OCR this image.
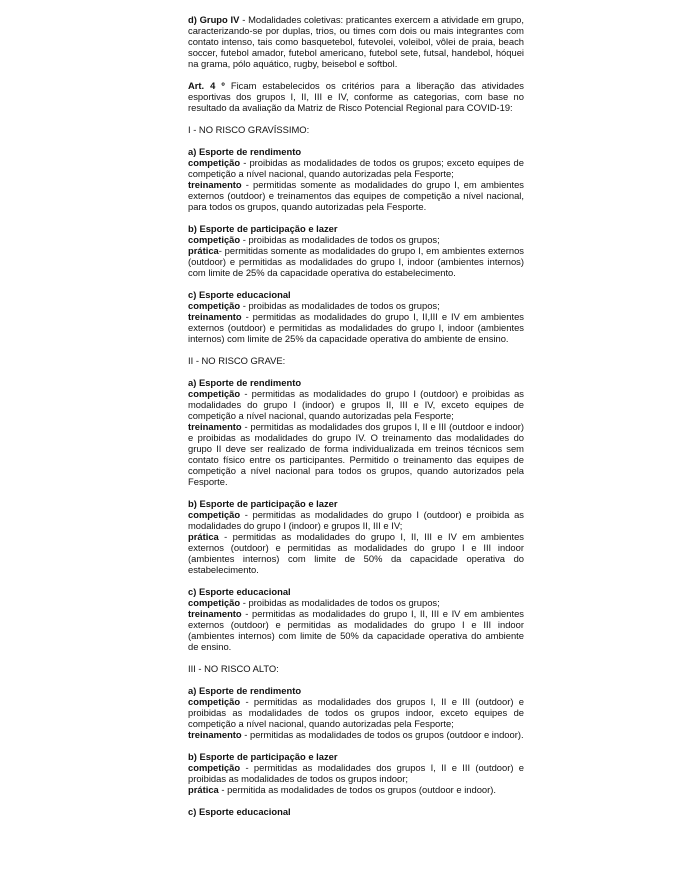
d) Grupo IV - Modalidades coletivas: praticantes exercem a atividade em grupo, caracterizando-se por duplas, trios, ou times com dois ou mais integrantes com contato intenso, tais como basquetebol, futevolei, voleibol, vôlei de praia, beach soccer, futebol amador, futebol americano, futebol sete, futsal, handebol, hóquei na grama, pólo aquático, rugby, beisebol e softbol.

Art. 4 º Ficam estabelecidos os critérios para a liberação das atividades esportivas dos grupos I, II, III e IV, conforme as categorias, com base no resultado da avaliação da Matriz de Risco Potencial Regional para COVID-19:

I - NO RISCO GRAVÍSSIMO:

a) Esporte de rendimento

competição - proibidas as modalidades de todos os grupos; exceto equipes de competição a nível nacional, quando autorizadas pela Fesporte;

treinamento - permitidas somente as modalidades do grupo I, em ambientes externos (outdoor) e treinamentos das equipes de competição a nível nacional, para todos os grupos, quando autorizadas pela Fesporte.

b) Esporte de participação e lazer

competição - proibidas as modalidades de todos os grupos;

prática- permitidas somente as modalidades do grupo I, em ambientes externos (outdoor) e permitidas as modalidades do grupo I, indoor (ambientes internos) com limite de 25% da capacidade operativa do estabelecimento.

c) Esporte educacional

competição - proibidas as modalidades de todos os grupos;

treinamento - permitidas as modalidades do grupo I, II,III e IV em ambientes externos (outdoor) e permitidas as modalidades do grupo I, indoor (ambientes internos) com limite de 25% da capacidade operativa do ambiente de ensino.

II - NO RISCO GRAVE:

a) Esporte de rendimento

competição - permitidas as modalidades do grupo I (outdoor) e proibidas as modalidades do grupo I (indoor) e grupos II, III e IV, exceto equipes de competição a nível nacional, quando autorizadas pela Fesporte;

treinamento - permitidas as modalidades dos grupos I, II e III (outdoor e indoor) e proibidas as modalidades do grupo IV. O treinamento das modalidades do grupo II deve ser realizado de forma individualizada em treinos técnicos sem contato físico entre os participantes. Permitido o treinamento das equipes de competição a nível nacional para todos os grupos, quando autorizados pela Fesporte.

b) Esporte de participação e lazer

competição - permitidas as modalidades do grupo I (outdoor) e proibida as modalidades do grupo I (indoor) e grupos II, III e IV;

prática - permitidas as modalidades do grupo I, II, III e IV em ambientes externos (outdoor) e permitidas as modalidades do grupo I e III indoor (ambientes internos) com limite de 50% da capacidade operativa do estabelecimento.

c) Esporte educacional

competição - proibidas as modalidades de todos os grupos;

treinamento - permitidas as modalidades do grupo I, II, III e IV em ambientes externos (outdoor) e permitidas as modalidades do grupo I e III indoor (ambientes internos) com limite de 50% da capacidade operativa do ambiente de ensino.

III - NO RISCO ALTO:

a) Esporte de rendimento

competição - permitidas as modalidades dos grupos I, II e III (outdoor) e proibidas as modalidades de todos os grupos indoor, exceto equipes de competição a nível nacional, quando autorizadas pela Fesporte;

treinamento - permitidas as modalidades de todos os grupos (outdoor e indoor).

b) Esporte de participação e lazer

competição - permitidas as modalidades dos grupos I, II e III (outdoor) e proibidas as modalidades de todos os grupos indoor;

prática - permitida as modalidades de todos os grupos (outdoor e indoor).

c) Esporte educacional
